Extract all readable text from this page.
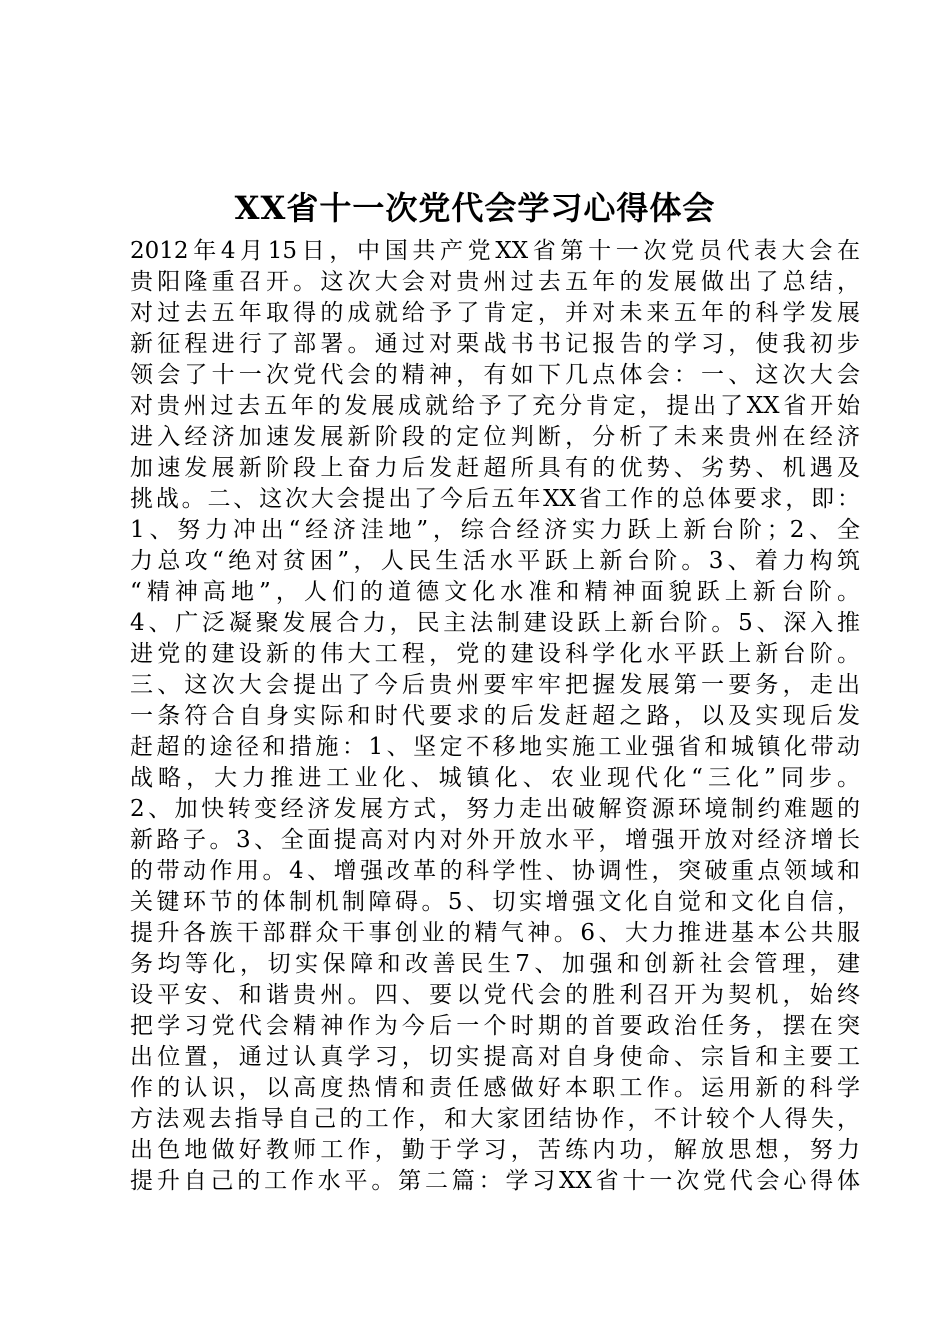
XX省十一次党代会学习心得体会
2012年4月15日，中国共产党XX省第十一次党员代表大会在
贵阳隆重召开。这次大会对贵州过去五年的发展做出了总结，
对过去五年取得的成就给予了肯定，并对未来五年的科学发展
新征程进行了部署。通过对栗战书书记报告的学习，使我初步
领会了十一次党代会的精神，有如下几点体会：一、这次大会
对贵州过去五年的发展成就给予了充分肯定，提出了XX省开始
进入经济加速发展新阶段的定位判断，分析了未来贵州在经济
加速发展新阶段上奋力后发赶超所具有的优势、劣势、机遇及
挑战。二、这次大会提出了今后五年XX省工作的总体要求，即：
1、努力冲出“经济洼地”，综合经济实力跃上新台阶；2、全
力总攻“绝对贫困”，人民生活水平跃上新台阶。3、着力构筑
“精神高地”，人们的道德文化水准和精神面貌跃上新台阶。
4、广泛凝聚发展合力，民主法制建设跃上新台阶。5、深入推
进党的建设新的伟大工程，党的建设科学化水平跃上新台阶。
三、这次大会提出了今后贵州要牢牢把握发展第一要务，走出
一条符合自身实际和时代要求的后发赶超之路，以及实现后发
赶超的途径和措施：1、坚定不移地实施工业强省和城镇化带动
战略，大力推进工业化、城镇化、农业现代化“三化”同步。
2、加快转变经济发展方式，努力走出破解资源环境制约难题的
新路子。3、全面提高对内对外开放水平，增强开放对经济增长
的带动作用。4、增强改革的科学性、协调性，突破重点领域和
关键环节的体制机制障碍。5、切实增强文化自觉和文化自信，
提升各族干部群众干事创业的精气神。6、大力推进基本公共服
务均等化，切实保障和改善民生7、加强和创新社会管理，建
设平安、和谐贵州。四、要以党代会的胜利召开为契机，始终
把学习党代会精神作为今后一个时期的首要政治任务，摆在突
出位置，通过认真学习，切实提高对自身使命、宗旨和主要工
作的认识，以高度热情和责任感做好本职工作。运用新的科学
方法观去指导自己的工作，和大家团结协作，不计较个人得失，
出色地做好教师工作，勤于学习，苦练内功，解放思想，努力
提升自己的工作水平。第二篇：学习XX省十一次党代会心得体
